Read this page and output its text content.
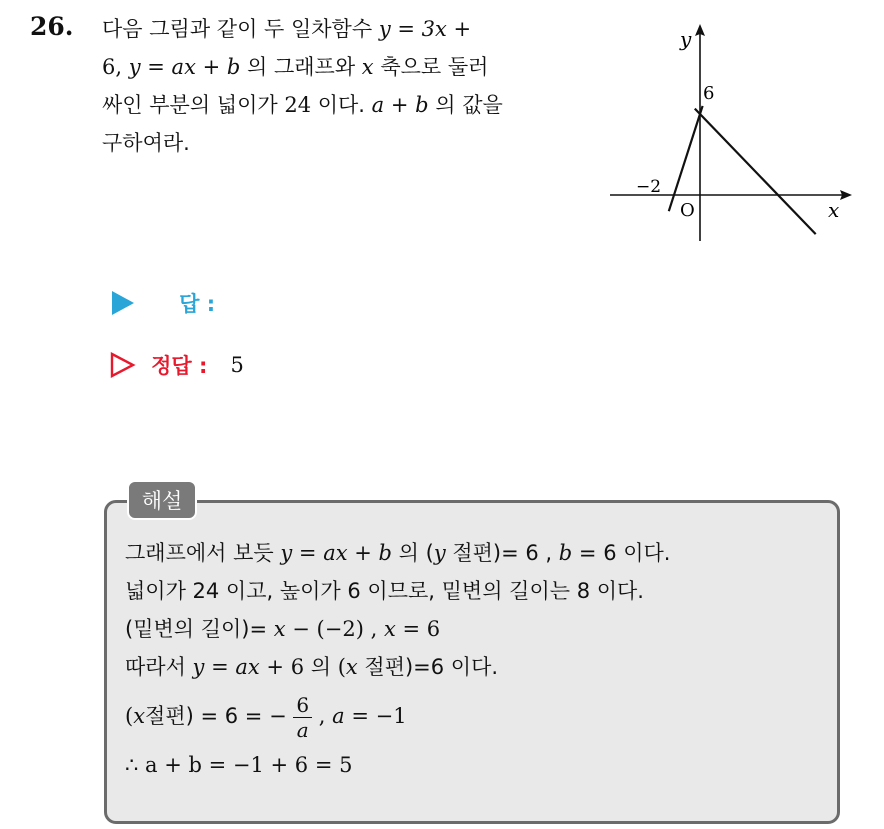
26. 다음 그림과 같이 두 일차함수 y = 3x +
6, y = ax + b 의 그래프와 x 축으로 둘러
싸인 부분의 넓이가 24 이다. a + b 의 값을
구하여라.
y
x
O
6
−2
답 :
정답 : 5
해설
그래프에서 보듯 y = ax + b 의 (y 절편)= 6 , b = 6 이다.
넓이가 24 이고, 높이가 6 이므로, 밑변의 길이는 8 이다.
(밑변의 길이)= x − (−2) , x = 6
따라서 y = ax + 6 의 (x 절편)=6 이다.
(x절편) = 6 = − $\frac{6}{a}$ , a = −1
∴ a + b = −1 + 6 = 5
